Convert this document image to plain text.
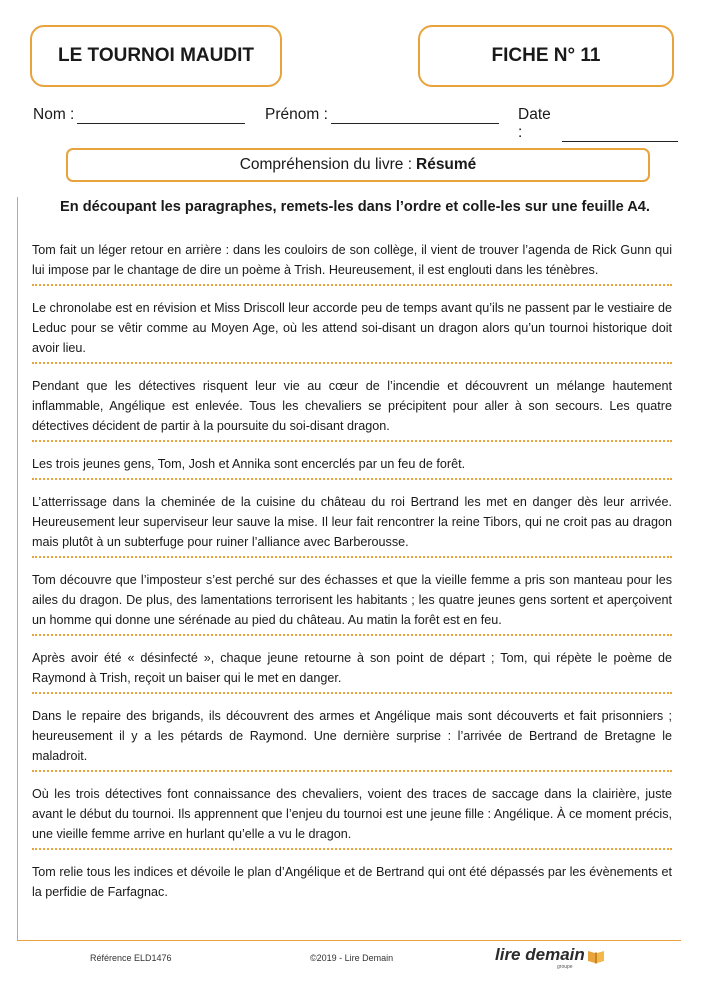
LE TOURNOI MAUDIT	FICHE N° 11
Nom :	Prénom :	Date :
Compréhension du livre : Résumé
En découpant les paragraphes, remets-les dans l’ordre et colle-les sur une feuille A4.
Tom fait un léger retour en arrière : dans les couloirs de son collège, il vient de trouver l’agenda de Rick Gunn qui lui impose par le chantage de dire un poème à Trish. Heureusement, il est englouti dans les ténèbres.
Le chronolabe est en révision et Miss Driscoll leur accorde peu de temps avant qu’ils ne passent par le vestiaire de Leduc pour se vêtir comme au Moyen Age, où les attend soi-disant un dragon alors qu’un tournoi historique doit avoir lieu.
Pendant que les détectives risquent leur vie au cœur de l’incendie et découvrent un mélange hautement inflammable, Angélique est enlevée. Tous les chevaliers se précipitent pour aller à son secours. Les quatre détectives décident de partir à la poursuite du soi-disant dragon.
Les trois jeunes gens, Tom, Josh et Annika sont encerclés par un feu de forêt.
L’atterrissage dans la cheminée de la cuisine du château du roi Bertrand les met en danger dès leur arrivée. Heureusement leur superviseur leur sauve la mise. Il leur fait rencontrer la reine Tibors, qui ne croit pas au dragon mais plutôt à un subterfuge pour ruiner l’alliance avec Barberousse.
Tom découvre que l’imposteur s’est perché sur des échasses et que la vieille femme a pris son manteau pour les ailes du dragon. De plus, des lamentations terrorisent les habitants ; les quatre jeunes gens sortent et aperçoivent un homme qui donne une sérénade au pied du château. Au matin la forêt est en feu.
Après avoir été « désinfecté », chaque jeune retourne à son point de départ ; Tom, qui répète le poème de Raymond à Trish, reçoit un baiser qui le met en danger.
Dans le repaire des brigands, ils découvrent des armes et Angélique mais sont découverts et fait prisonniers ; heureusement il y a les pétards de Raymond. Une dernière surprise : l’arrivée de Bertrand de Bretagne le maladroit.
Où les trois détectives font connaissance des chevaliers, voient des traces de saccage dans la clairière, juste avant le début du tournoi. Ils apprennent que l’enjeu du tournoi est une jeune fille : Angélique. À ce moment précis, une vieille femme arrive en hurlant qu’elle a vu le dragon.
Tom relie tous les indices et dévoile le plan d’Angélique et de Bertrand qui ont été dépassés par les évènements et la perfidie de Farfagnac.
Référence ELD1476	©2019 - Lire Demain	lire demain
groupe
